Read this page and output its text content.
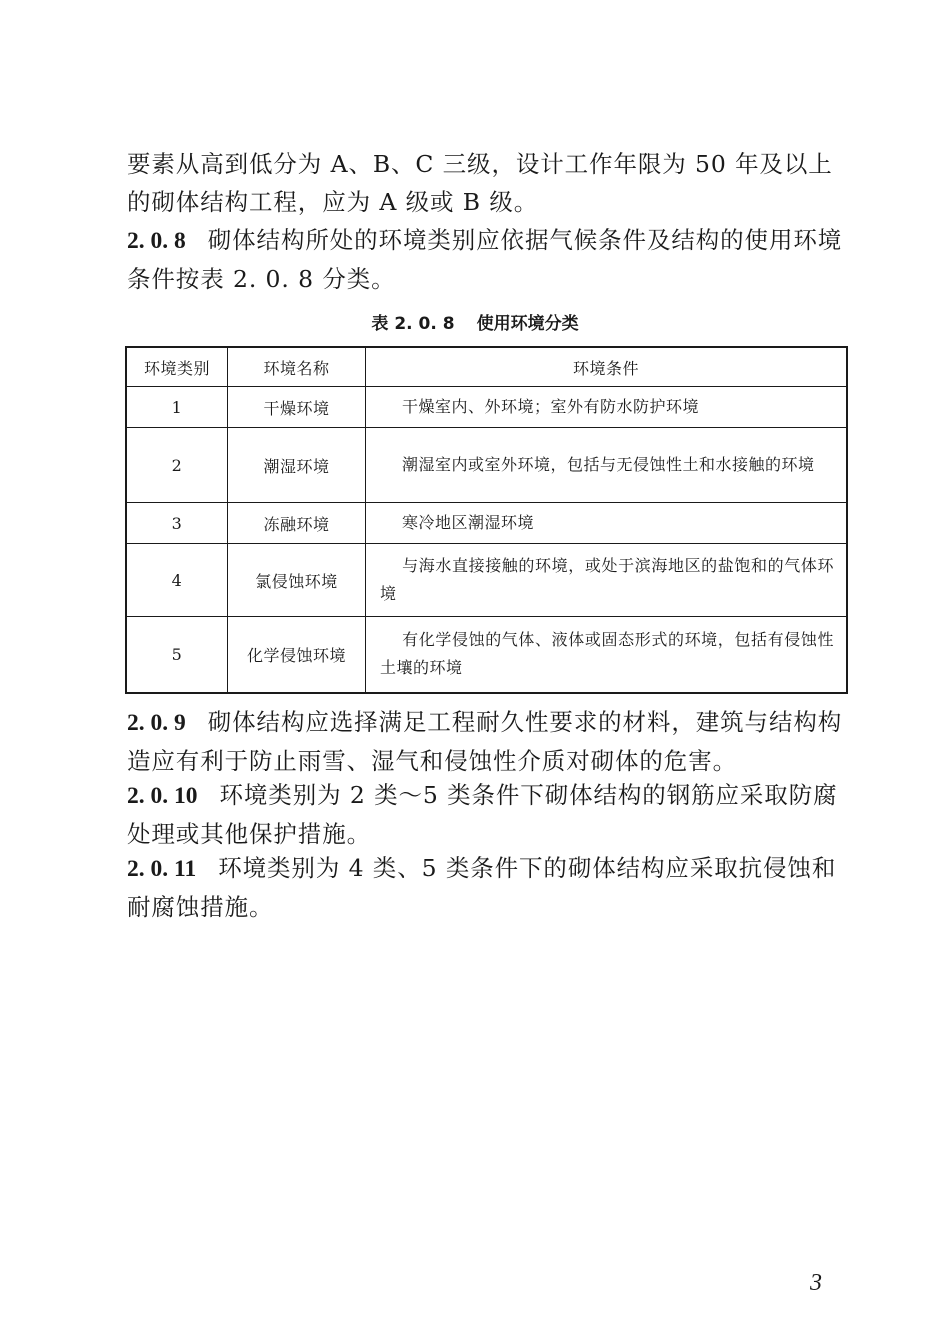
要素从高到低分为 A、B、C 三级，设计工作年限为 50 年及以上的砌体结构工程，应为 A 级或 B 级。

2. 0. 8 砌体结构所处的环境类别应依据气候条件及结构的使用环境条件按表 2. 0. 8 分类。

表 2. 0. 8 使用环境分类

环境类别	环境名称	环境条件
1	干燥环境	干燥室内、外环境；室外有防水防护环境
2	潮湿环境	潮湿室内或室外环境，包括与无侵蚀性土和水接触的环境
3	冻融环境	寒冷地区潮湿环境
4	氯侵蚀环境	与海水直接接触的环境，或处于滨海地区的盐饱和的气体环境
5	化学侵蚀环境	有化学侵蚀的气体、液体或固态形式的环境，包括有侵蚀性土壤的环境

2. 0. 9 砌体结构应选择满足工程耐久性要求的材料，建筑与结构构造应有利于防止雨雪、湿气和侵蚀性介质对砌体的危害。

2. 0. 10 环境类别为 2 类～5 类条件下砌体结构的钢筋应采取防腐处理或其他保护措施。

2. 0. 11 环境类别为 4 类、5 类条件下的砌体结构应采取抗侵蚀和耐腐蚀措施。

3
